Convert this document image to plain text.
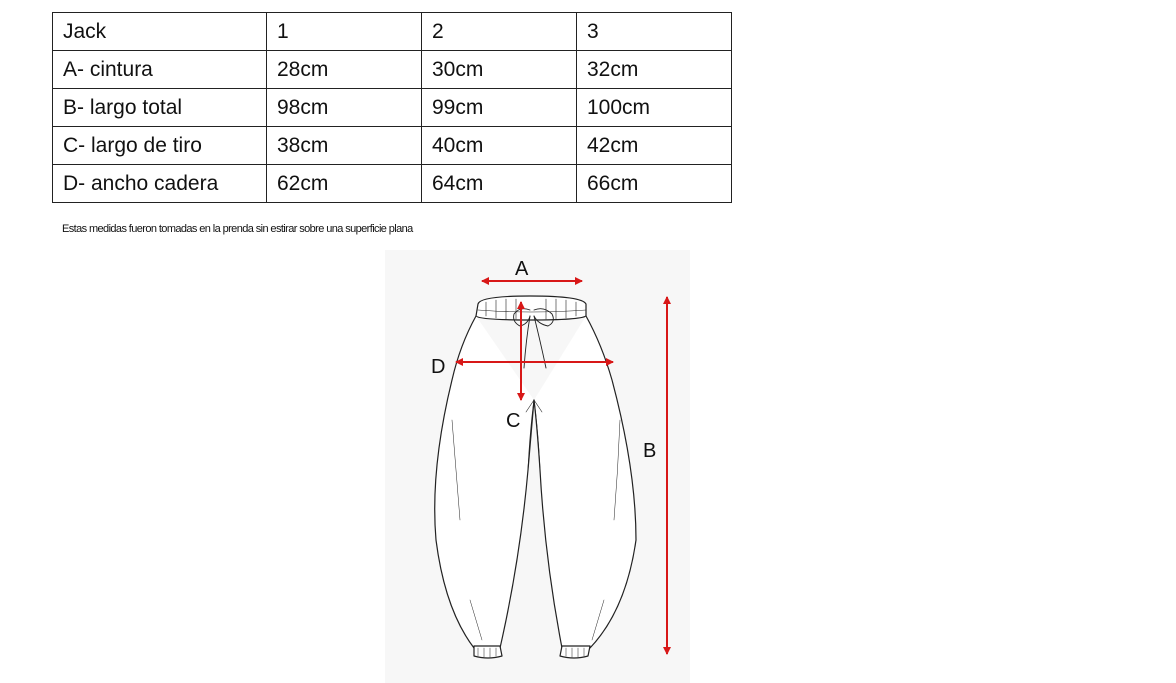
Jack	1	2	3
A- cintura	28cm	30cm	32cm
B- largo total	98cm	99cm	100cm
C- largo de tiro	38cm	40cm	42cm
D- ancho cadera	62cm	64cm	66cm
Estas medidas fueron tomadas en la prenda sin estirar sobre una superficie plana
A
D
C
B
